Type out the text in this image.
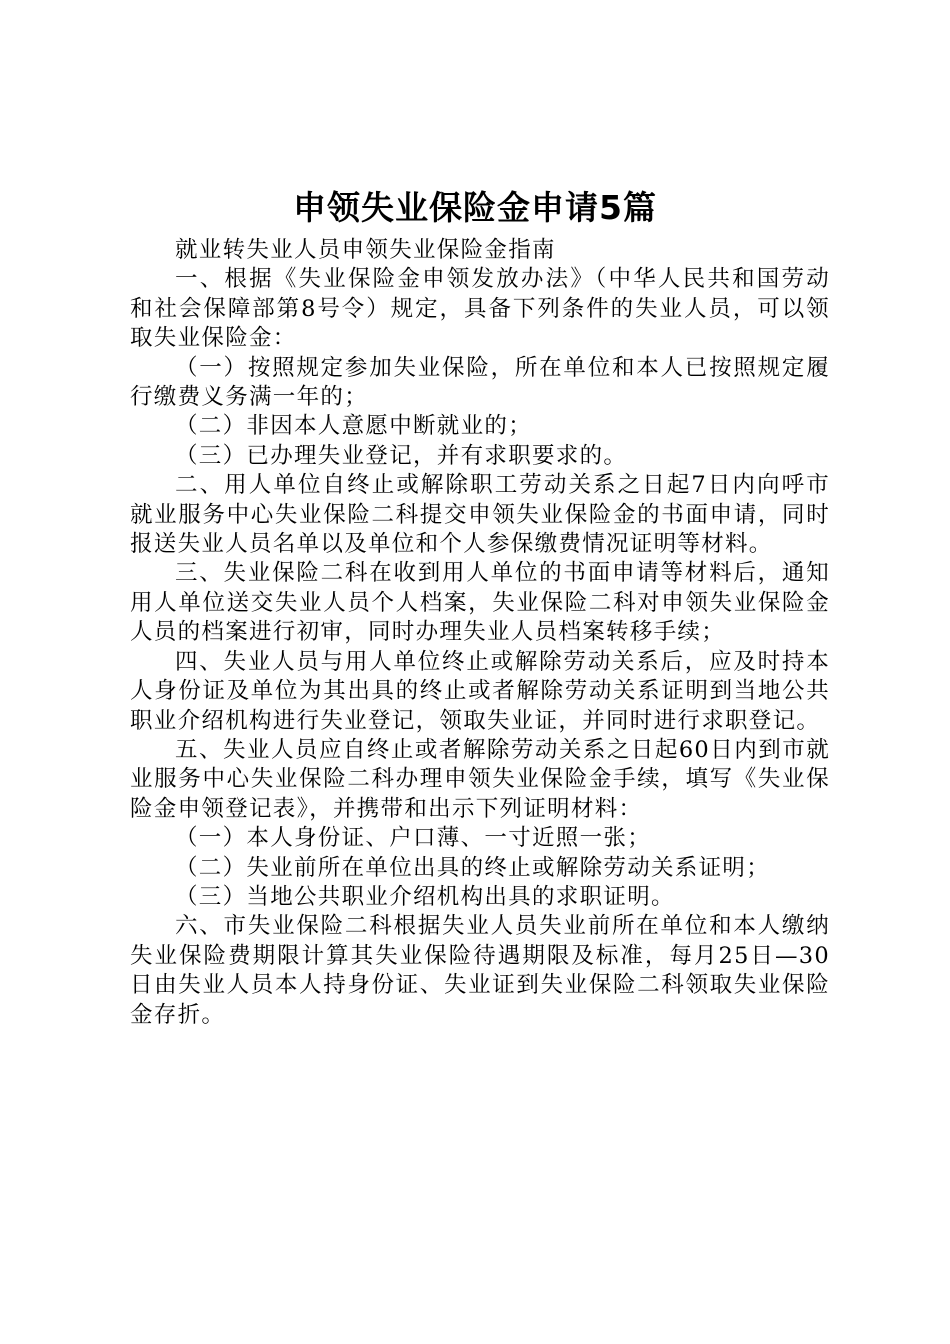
申领失业保险金申请5篇

就业转失业人员申领失业保险金指南

一、根据《失业保险金申领发放办法》（中华人民共和国劳动和社会保障部第8号令）规定，具备下列条件的失业人员，可以领取失业保险金：

（一）按照规定参加失业保险，所在单位和本人已按照规定履行缴费义务满一年的；

（二）非因本人意愿中断就业的；

（三）已办理失业登记，并有求职要求的。

二、用人单位自终止或解除职工劳动关系之日起7日内向呼市就业服务中心失业保险二科提交申领失业保险金的书面申请，同时报送失业人员名单以及单位和个人参保缴费情况证明等材料。

三、失业保险二科在收到用人单位的书面申请等材料后，通知用人单位送交失业人员个人档案，失业保险二科对申领失业保险金人员的档案进行初审，同时办理失业人员档案转移手续；

四、失业人员与用人单位终止或解除劳动关系后，应及时持本人身份证及单位为其出具的终止或者解除劳动关系证明到当地公共职业介绍机构进行失业登记，领取失业证，并同时进行求职登记。

五、失业人员应自终止或者解除劳动关系之日起60日内到市就业服务中心失业保险二科办理申领失业保险金手续，填写《失业保险金申领登记表》，并携带和出示下列证明材料：

（一）本人身份证、户口薄、一寸近照一张；

（二）失业前所在单位出具的终止或解除劳动关系证明；

（三）当地公共职业介绍机构出具的求职证明。

六、市失业保险二科根据失业人员失业前所在单位和本人缴纳失业保险费期限计算其失业保险待遇期限及标准，每月25日—30日由失业人员本人持身份证、失业证到失业保险二科领取失业保险金存折。
